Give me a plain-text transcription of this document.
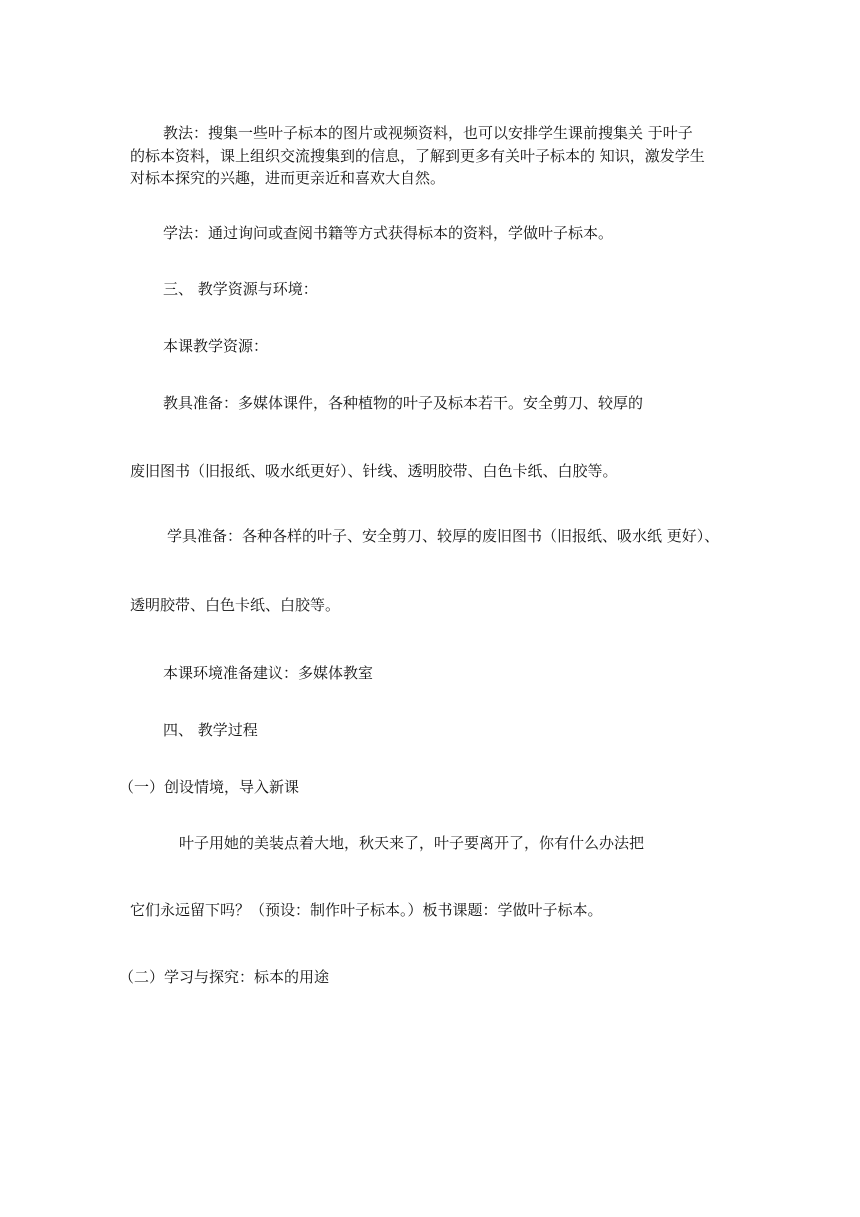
教法：搜集一些叶子标本的图片或视频资料，也可以安排学生课前搜集关 于叶子

的标本资料，课上组织交流搜集到的信息，了解到更多有关叶子标本的 知识，激发学生

对标本探究的兴趣，进而更亲近和喜欢大自然。

学法：通过询问或查阅书籍等方式获得标本的资料，学做叶子标本。

三、 教学资源与环境：

本课教学资源：

教具准备：多媒体课件，各种植物的叶子及标本若干。安全剪刀、较厚的

废旧图书（旧报纸、吸水纸更好）、针线、透明胶带、白色卡纸、白胶等。

学具准备：各种各样的叶子、安全剪刀、较厚的废旧图书（旧报纸、吸水纸 更好）、

透明胶带、白色卡纸、白胶等。

本课环境准备建议：多媒体教室

四、 教学过程

（一）创设情境，导入新课

叶子用她的美装点着大地，秋天来了，叶子要离开了，你有什么办法把

它们永远留下吗？（预设：制作叶子标本。）板书课题：学做叶子标本。

（二）学习与探究：标本的用途
